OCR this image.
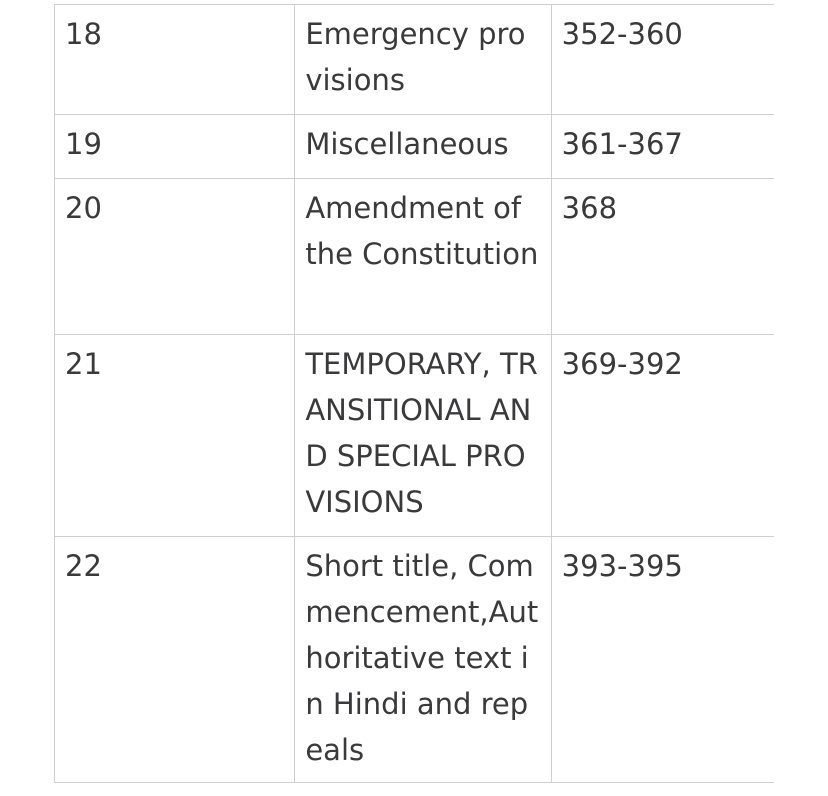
18	Emergency provisions	352-360

19	Miscellaneous	361-367

20	Amendment of the Constitution	368

21	TEMPORARY, TRANSITIONAL AND SPECIAL PROVISIONS	369-392

22	Short title, Commencement,Authoritative text in Hindi and repeals	393-395
